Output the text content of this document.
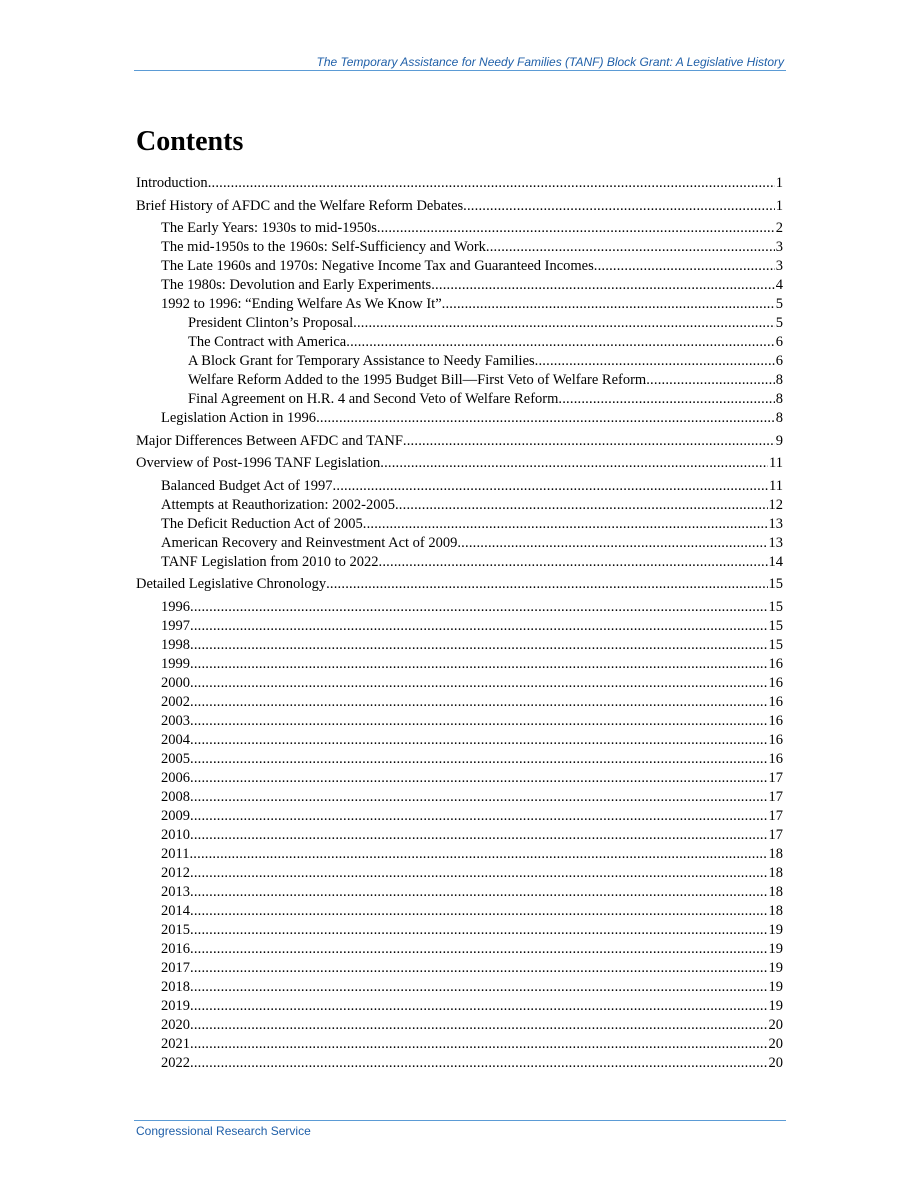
The Temporary Assistance for Needy Families (TANF) Block Grant: A Legislative History
Contents
Introduction .....	1
Brief History of AFDC and the Welfare Reform Debates .....	1
The Early Years: 1930s to mid-1950s .....	2
The mid-1950s to the 1960s: Self-Sufficiency and Work .....	3
The Late 1960s and 1970s: Negative Income Tax and Guaranteed Incomes .....	3
The 1980s: Devolution and Early Experiments .....	4
1992 to 1996: “Ending Welfare As We Know It” .....	5
President Clinton’s Proposal .....	5
The Contract with America .....	6
A Block Grant for Temporary Assistance to Needy Families .....	6
Welfare Reform Added to the 1995 Budget Bill—First Veto of Welfare Reform .....	8
Final Agreement on H.R. 4 and Second Veto of Welfare Reform .....	8
Legislation Action in 1996 .....	8
Major Differences Between AFDC and TANF .....	9
Overview of Post-1996 TANF Legislation .....	11
Balanced Budget Act of 1997 .....	11
Attempts at Reauthorization: 2002-2005 .....	12
The Deficit Reduction Act of 2005 .....	13
American Recovery and Reinvestment Act of 2009 .....	13
TANF Legislation from 2010 to 2022 .....	14
Detailed Legislative Chronology .....	15
1996 .....	15
1997 .....	15
1998 .....	15
1999 .....	16
2000 .....	16
2002 .....	16
2003 .....	16
2004 .....	16
2005 .....	16
2006 .....	17
2008 .....	17
2009 .....	17
2010 .....	17
2011 .....	18
2012 .....	18
2013 .....	18
2014 .....	18
2015 .....	19
2016 .....	19
2017 .....	19
2018 .....	19
2019 .....	19
2020 .....	20
2021 .....	20
2022 .....	20
Congressional Research Service
